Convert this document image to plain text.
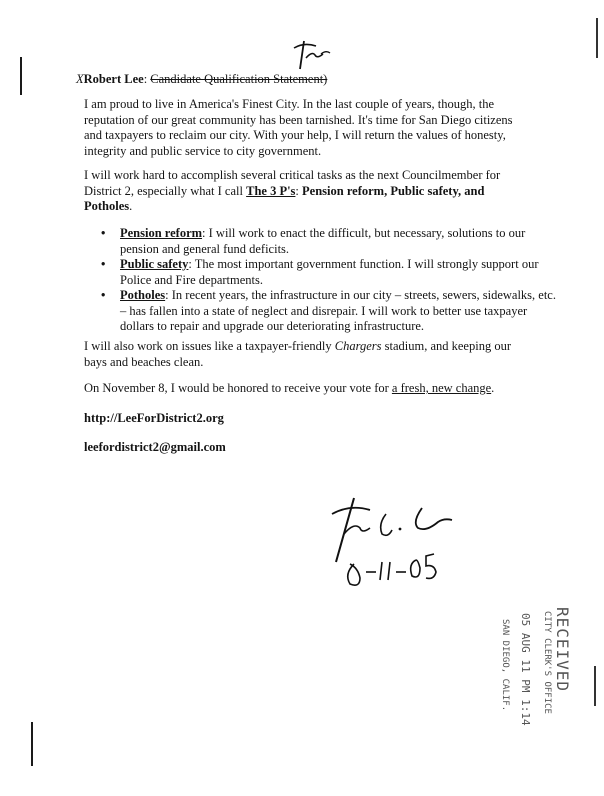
XRobert Lee: Candidate Qualification Statement)

I am proud to live in America's Finest City. In the last couple of years, though, the reputation of our great community has been tarnished. It's time for San Diego citizens and taxpayers to reclaim our city. With your help, I will return the values of honesty, integrity and public service to city government.

I will work hard to accomplish several critical tasks as the next Councilmember for District 2, especially what I call The 3 P's: Pension reform, Public safety, and Potholes.

• Pension reform: I will work to enact the difficult, but necessary, solutions to our pension and general fund deficits.
• Public safety: The most important government function. I will strongly support our Police and Fire departments.
• Potholes: In recent years, the infrastructure in our city – streets, sewers, sidewalks, etc. – has fallen into a state of neglect and disrepair. I will work to better use taxpayer dollars to repair and upgrade our deteriorating infrastructure.

I will also work on issues like a taxpayer-friendly Chargers stadium, and keeping our bays and beaches clean.

On November 8, I would be honored to receive your vote for a fresh, new change.

http://LeeForDistrict2.org
leefordistrict2@gmail.com
RECEIVED
CITY CLERK'S OFFICE
05 AUG 11 PM 1:14
SAN DIEGO, CALIF.
